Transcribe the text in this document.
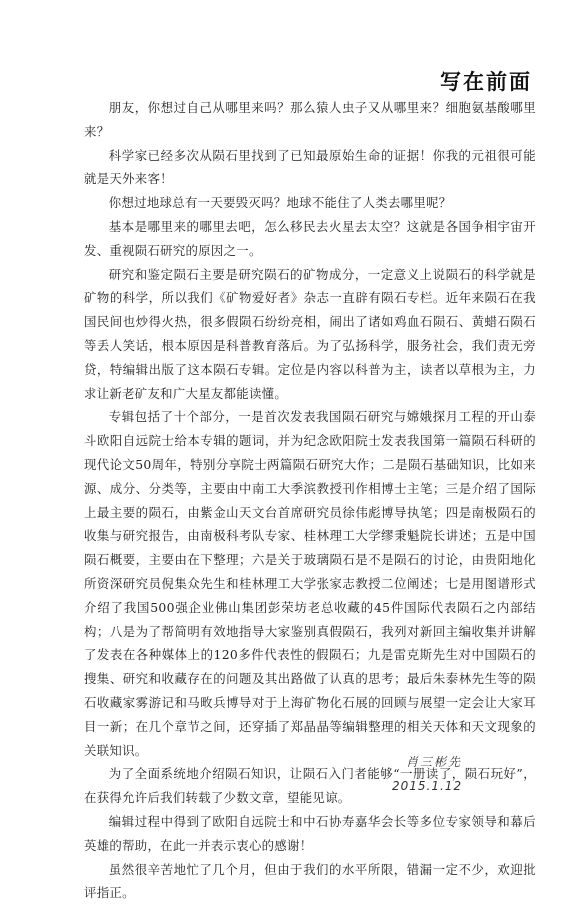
写在前面

朋友，你想过自己从哪里来吗？那么猿人虫子又从哪里来？细胞氨基酸哪里来？

科学家已经多次从陨石里找到了已知最原始生命的证据！你我的元祖很可能就是天外来客！

你想过地球总有一天要毁灭吗？地球不能住了人类去哪里呢？

基本是哪里来的哪里去吧，怎么移民去火星去太空？这就是各国争相宇宙开发、重视陨石研究的原因之一。

研究和鉴定陨石主要是研究陨石的矿物成分，一定意义上说陨石的科学就是矿物的科学，所以我们《矿物爱好者》杂志一直辟有陨石专栏。近年来陨石在我国民间也炒得火热，很多假陨石纷纷亮相，闹出了诸如鸡血石陨石、黄蜡石陨石等丢人笑话，根本原因是科普教育落后。为了弘扬科学，服务社会，我们责无旁贷，特编辑出版了这本陨石专辑。定位是内容以科普为主，读者以草根为主，力求让新老矿友和广大星友都能读懂。

专辑包括了十个部分，一是首次发表我国陨石研究与嫦娥探月工程的开山泰斗欧阳自远院士给本专辑的题词，并为纪念欧阳院士发表我国第一篇陨石科研的现代论文50周年，特别分享院士两篇陨石研究大作；二是陨石基础知识，比如来源、成分、分类等，主要由中南工大季滨教授刊作相博士主笔；三是介绍了国际上最主要的陨石，由紫金山天文台首席研究员徐伟彪博导执笔；四是南极陨石的收集与研究报告，由南极科考队专家、桂林理工大学缪秉魁院长讲述；五是中国陨石概要，主要由在下整理；六是关于玻璃陨石是不是陨石的讨论，由贵阳地化所资深研究员倪集众先生和桂林理工大学张家志教授二位阐述；七是用图谱形式介绍了我国500强企业佛山集团彭荣坊老总收藏的45件国际代表陨石之内部结构；八是为了帮简明有效地指导大家鉴别真假陨石，我列对新回主编收集并讲解了发表在各种媒体上的120多件代表性的假陨石；九是雷克斯先生对中国陨石的搜集、研究和收藏存在的问题及其出路做了认真的思考；最后朱泰林先生等的陨石收藏家雾游记和马畋兵博导对于上海矿物化石展的回顾与展望一定会让大家耳目一新；在几个章节之间，还穿插了郑晶晶等编辑整理的相关天体和天文现象的关联知识。

为了全面系统地介绍陨石知识，让陨石入门者能够“一册读了，陨石玩好”，在获得允许后我们转载了少数文章，望能见谅。

编辑过程中得到了欧阳自远院士和中石协寿嘉华会长等多位专家领导和幕后英雄的帮助，在此一并表示衷心的感谢！

虽然很辛苦地忙了几个月，但由于我们的水平所限，错漏一定不少，欢迎批评指正。

肖三彬先
2015.1.12
